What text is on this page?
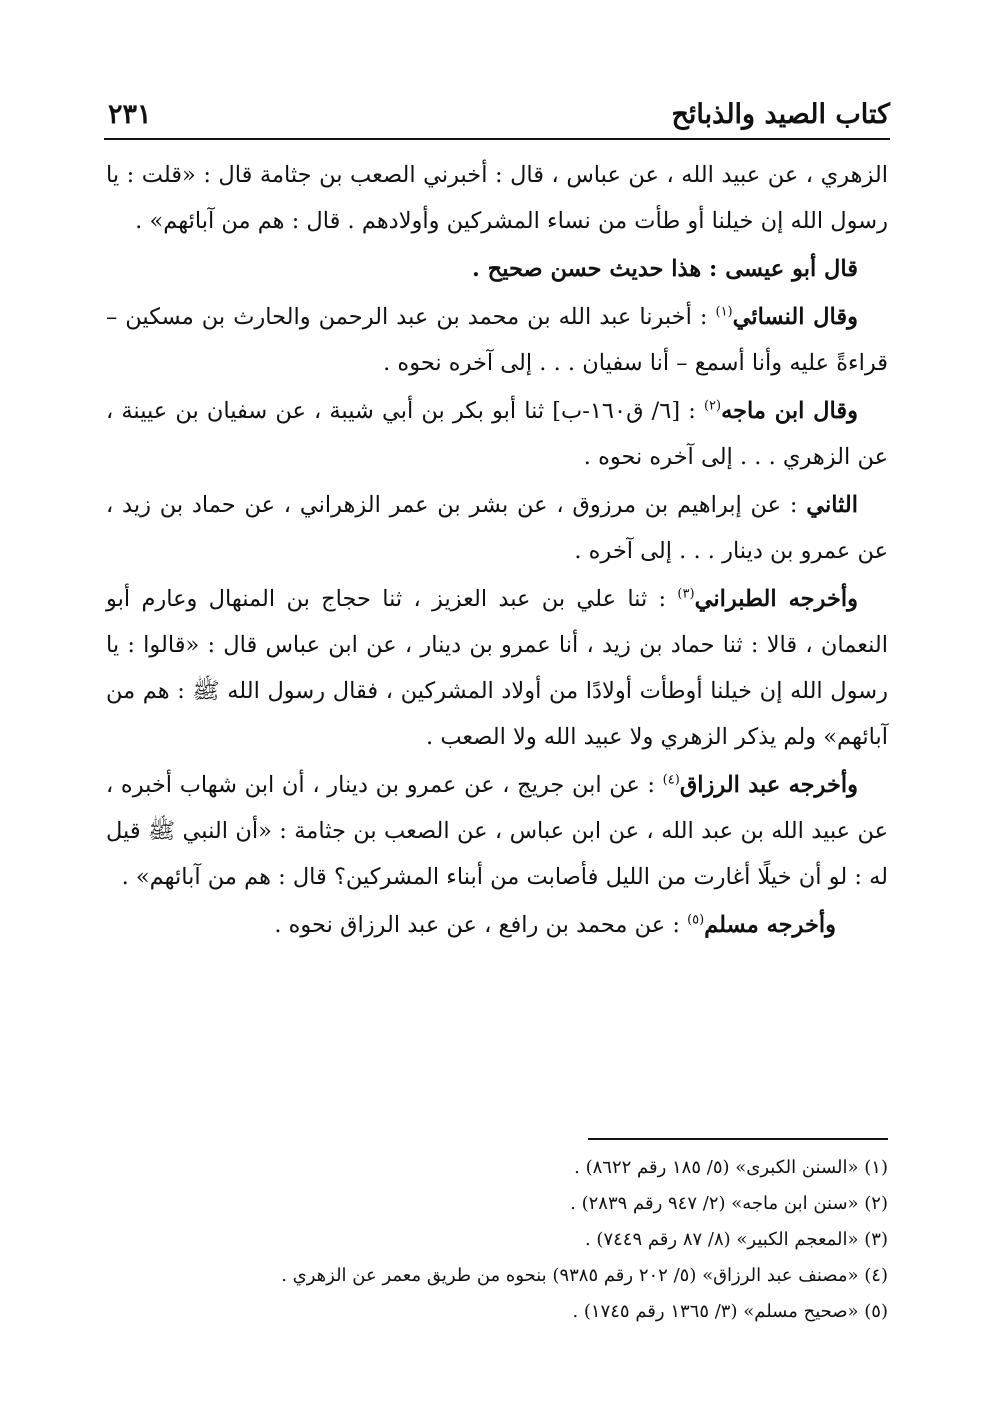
كتاب الصيد والذبائح
٢٣١

الزهري ، عن عبيد الله ، عن عباس ، قال : أخبرني الصعب بن جثامة قال : «قلت : يا رسول الله إن خيلنا أو طأت من نساء المشركين وأولادهم . قال : هم من آبائهم» .

قال أبو عيسى : هذا حديث حسن صحيح .

وقال النسائي$^{(١)}$ : أخبرنا عبد الله بن محمد بن عبد الرحمن والحارث بن مسكين – قراءةً عليه وأنا أسمع – أنا سفيان . . . إلى آخره نحوه .

وقال ابن ماجه$^{(٢)}$ : [٦/ ق١٦٠-ب] ثنا أبو بكر بن أبي شيبة ، عن سفيان بن عيينة ، عن الزهري . . . إلى آخره نحوه .

الثاني : عن إبراهيم بن مرزوق ، عن بشر بن عمر الزهراني ، عن حماد بن زيد ، عن عمرو بن دينار . . . إلى آخره .

وأخرجه الطبراني$^{(٣)}$ : ثنا علي بن عبد العزيز ، ثنا حجاج بن المنهال وعارم أبو النعمان ، قالا : ثنا حماد بن زيد ، أنا عمرو بن دينار ، عن ابن عباس قال : «قالوا : يا رسول الله إن خيلنا أوطأت أولادًا من أولاد المشركين ، فقال رسول الله ﷺ : هم من آبائهم» ولم يذكر الزهري ولا عبيد الله ولا الصعب .

وأخرجه عبد الرزاق$^{(٤)}$ : عن ابن جريج ، عن عمرو بن دينار ، أن ابن شهاب أخبره ، عن عبيد الله بن عبد الله ، عن ابن عباس ، عن الصعب بن جثامة : «أن النبي ﷺ قيل له : لو أن خيلًا أغارت من الليل فأصابت من أبناء المشركين؟ قال : هم من آبائهم» .

وأخرجه مسلم$^{(٥)}$ : عن محمد بن رافع ، عن عبد الرزاق نحوه .

(١) «السنن الكبرى» (٥/ ١٨٥ رقم ٨٦٢٢) .
(٢) «سنن ابن ماجه» (٢/ ٩٤٧ رقم ٢٨٣٩) .
(٣) «المعجم الكبير» (٨/ ٨٧ رقم ٧٤٤٩) .
(٤) «مصنف عبد الرزاق» (٥/ ٢٠٢ رقم ٩٣٨٥) بنحوه من طريق معمر عن الزهري .
(٥) «صحيح مسلم» (٣/ ١٣٦٥ رقم ١٧٤٥) .
